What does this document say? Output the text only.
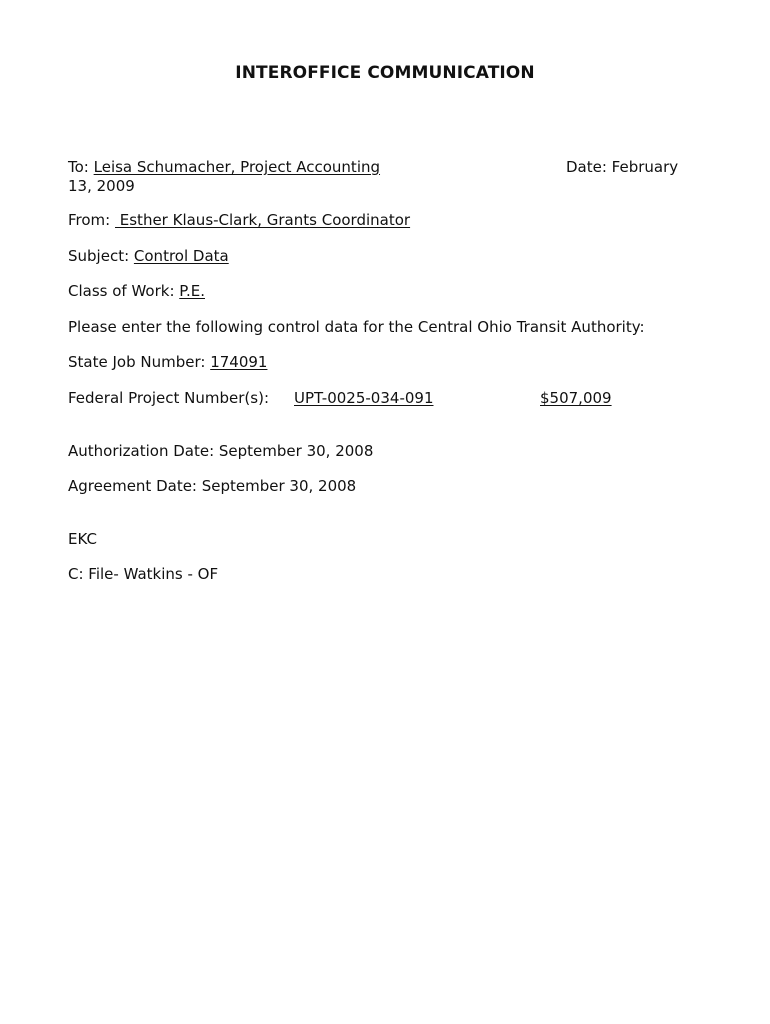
INTEROFFICE COMMUNICATION
To: Leisa Schumacher, Project Accounting	Date: February
13, 2009
From:  Esther Klaus-Clark, Grants Coordinator
Subject: Control Data
Class of Work: P.E.
Please enter the following control data for the Central Ohio Transit Authority:
State Job Number: 174091
Federal Project Number(s): UPT-0025-034-091	$507,009
Authorization Date: September 30, 2008
Agreement Date: September 30, 2008
EKC
C: File- Watkins - OF
